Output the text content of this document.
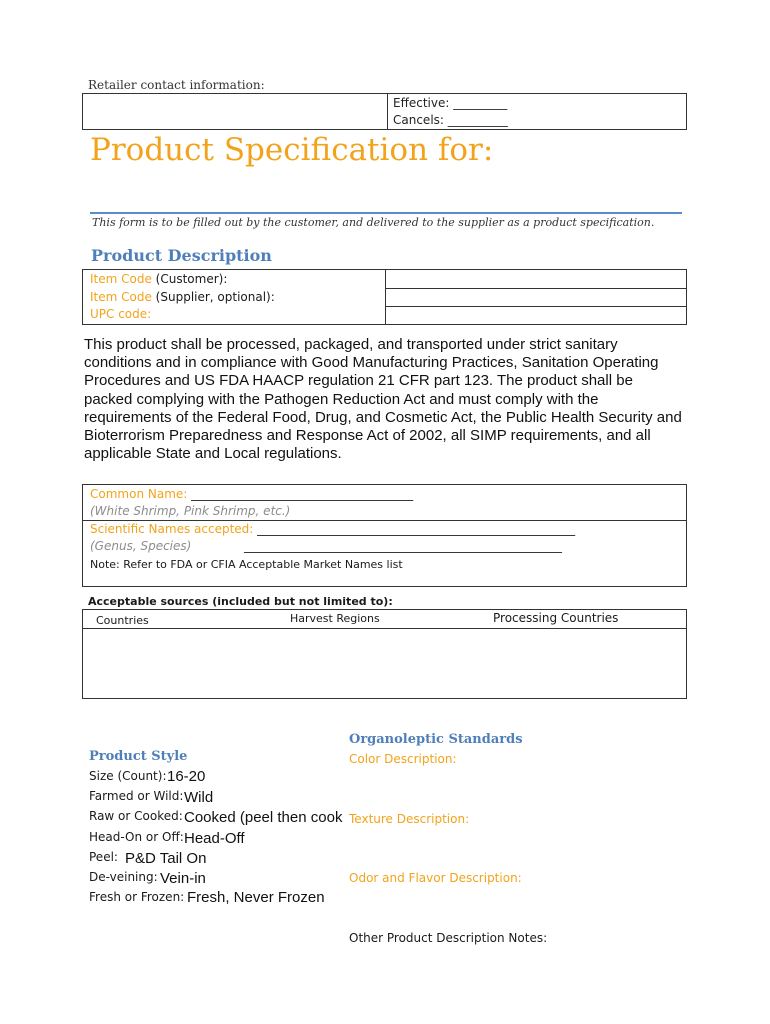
Retailer contact information:
Effective: _________
Cancels: __________
Product Specification for:
This form is to be filled out by the customer, and delivered to the supplier as a product specification.
Product Description
Item Code (Customer):
Item Code (Supplier, optional):
UPC code:
This product shall be processed, packaged, and transported under strict sanitary conditions and in compliance with Good Manufacturing Practices, Sanitation Operating Procedures and US FDA HAACP regulation 21 CFR part 123. The product shall be packed complying with the Pathogen Reduction Act and must comply with the requirements of the Federal Food, Drug, and Cosmetic Act, the Public Health Security and Bioterrorism Preparedness and Response Act of 2002, all SIMP requirements, and all applicable State and Local regulations.
Common Name: _____________________________________
(White Shrimp, Pink Shrimp, etc.)
Scientific Names accepted: _____________________________________________________
(Genus, Species)	_____________________________________________________
Note: Refer to FDA or CFIA Acceptable Market Names list
Acceptable sources (included but not limited to):
Countries	Harvest Regions	Processing Countries
Organoleptic Standards
Color Description:
Texture Description:
Odor and Flavor Description:
Other Product Description Notes:
Product Style
Size (Count): 16-20
Farmed or Wild: Wild
Raw or Cooked: Cooked (peel then cook
Head-On or Off: Head-Off
Peel: P&D Tail On
De-veining: Vein-in
Fresh or Frozen: Fresh, Never Frozen
